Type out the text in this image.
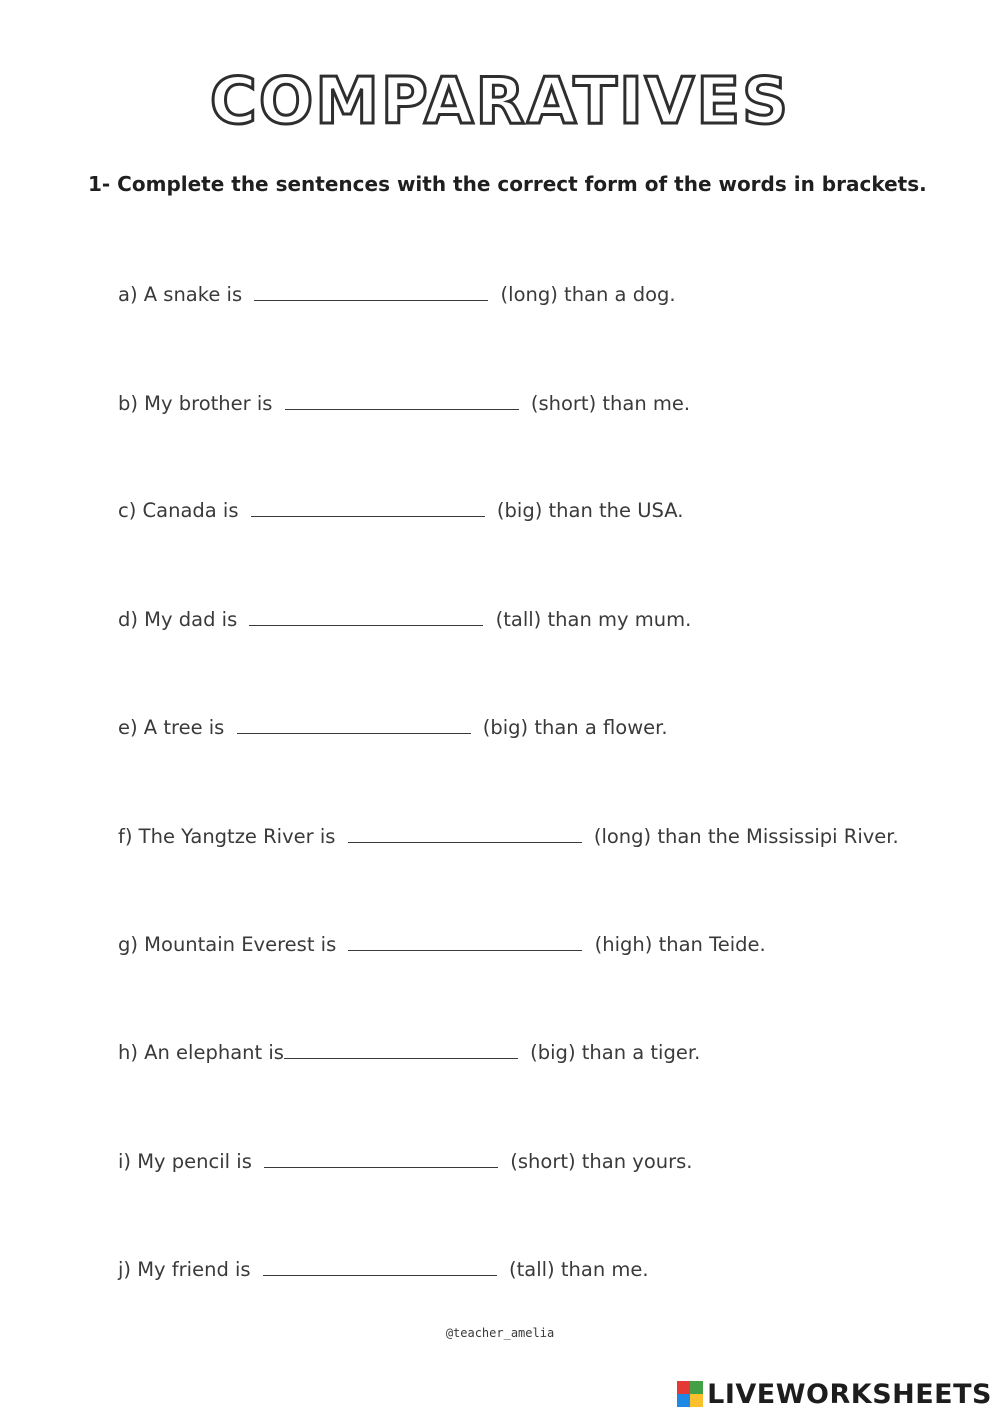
COMPARATIVES
1- Complete the sentences with the correct form of the words in brackets.
a) A snake is	(long) than a dog.
b) My brother is	(short) than me.
c) Canada is	(big) than the USA.
d) My dad is	(tall) than my mum.
e) A tree is	(big) than a flower.
f) The Yangtze River is	(long) than the Mississipi River.
g) Mountain Everest is	(high) than Teide.
h) An elephant is	(big) than a tiger.
i) My pencil is	(short) than yours.
j) My friend is	(tall) than me.
@teacher_amelia
LIVEWORKSHEETS
